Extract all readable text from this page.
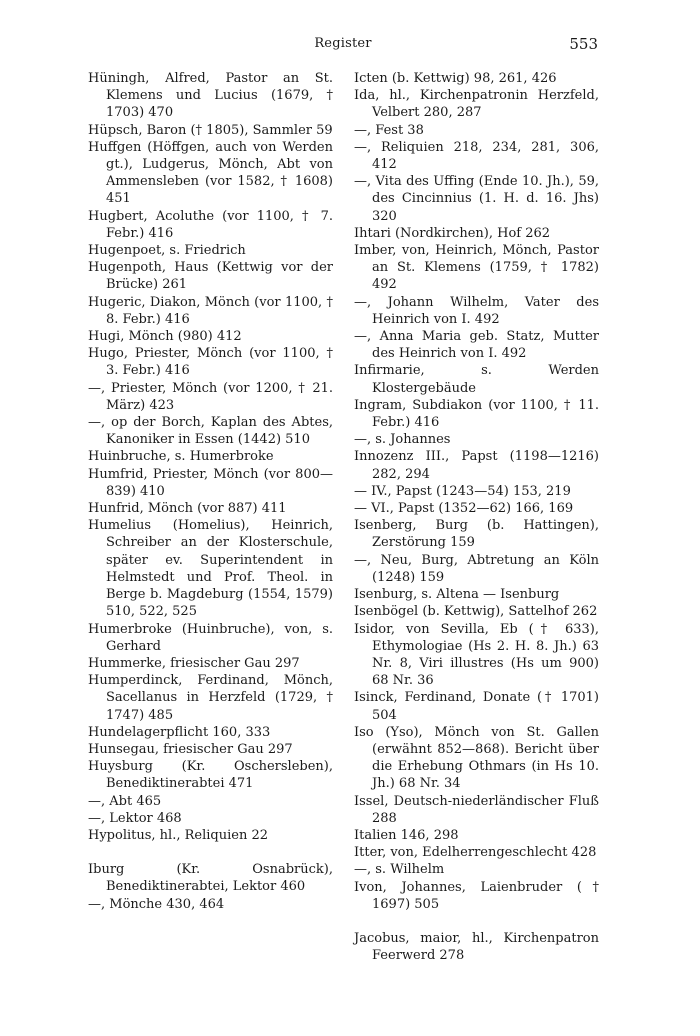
Register	553

Hüningh, Alfred, Pastor an St. Klemens und Lucius (1679, † 1703) 470

Hüpsch, Baron († 1805), Sammler 59

Huffgen (Höffgen, auch von Werden gt.), Ludgerus, Mönch, Abt von Ammensleben (vor 1582, † 1608) 451

Hugbert, Acoluthe (vor 1100, † 7. Febr.) 416

Hugenpoet, s. Friedrich

Hugenpoth, Haus (Kettwig vor der Brücke) 261

Hugeric, Diakon, Mönch (vor 1100, † 8. Febr.) 416

Hugi, Mönch (980) 412

Hugo, Priester, Mönch (vor 1100, † 3. Febr.) 416

—, Priester, Mönch (vor 1200, † 21. März) 423

—, op der Borch, Kaplan des Abtes, Kanoniker in Essen (1442) 510

Huinbruche, s. Humerbroke

Humfrid, Priester, Mönch (vor 800—839) 410

Hunfrid, Mönch (vor 887) 411

Humelius (Homelius), Heinrich, Schreiber an der Klosterschule, später ev. Superintendent in Helmstedt und Prof. Theol. in Berge b. Magdeburg (1554, 1579) 510, 522, 525

Humerbroke (Huinbruche), von, s. Gerhard

Hummerke, friesischer Gau 297

Humperdinck, Ferdinand, Mönch, Sacellanus in Herzfeld (1729, † 1747) 485

Hundelagerpflicht 160, 333

Hunsegau, friesischer Gau 297

Huysburg (Kr. Oschersleben), Benediktinerabtei 471

—, Abt 465

—, Lektor 468

Hypolitus, hl., Reliquien 22

Iburg (Kr. Osnabrück), Benediktinerabtei, Lektor 460

—, Mönche 430, 464

Icten (b. Kettwig) 98, 261, 426

Ida, hl., Kirchenpatronin Herzfeld, Velbert 280, 287

—, Fest 38

—, Reliquien 218, 234, 281, 306, 412

—, Vita des Uffing (Ende 10. Jh.), 59, des Cincinnius (1. H. d. 16. Jhs) 320

Ihtari (Nordkirchen), Hof 262

Imber, von, Heinrich, Mönch, Pastor an St. Klemens (1759, † 1782) 492

—, Johann Wilhelm, Vater des Heinrich von I. 492

—, Anna Maria geb. Statz, Mutter des Heinrich von I. 492

Infirmarie, s. Werden Klostergebäude

Ingram, Subdiakon (vor 1100, † 11. Febr.) 416

—, s. Johannes

Innozenz III., Papst (1198—1216) 282, 294

— IV., Papst (1243—54) 153, 219

— VI., Papst (1352—62) 166, 169

Isenberg, Burg (b. Hattingen), Zerstörung 159

—, Neu, Burg, Abtretung an Köln (1248) 159

Isenburg, s. Altena — Isenburg

Isenbögel (b. Kettwig), Sattelhof 262

Isidor, von Sevilla, Eb († 633), Ethymologiae (Hs 2. H. 8. Jh.) 63 Nr. 8, Viri illustres (Hs um 900) 68 Nr. 36

Isinck, Ferdinand, Donate († 1701) 504

Iso (Yso), Mönch von St. Gallen (erwähnt 852—868). Bericht über die Erhebung Othmars (in Hs 10. Jh.) 68 Nr. 34

Issel, Deutsch-niederländischer Fluß 288

Italien 146, 298

Itter, von, Edelherrengeschlecht 428

—, s. Wilhelm

Ivon, Johannes, Laienbruder († 1697) 505

Jacobus, maior, hl., Kirchenpatron Feerwerd 278
